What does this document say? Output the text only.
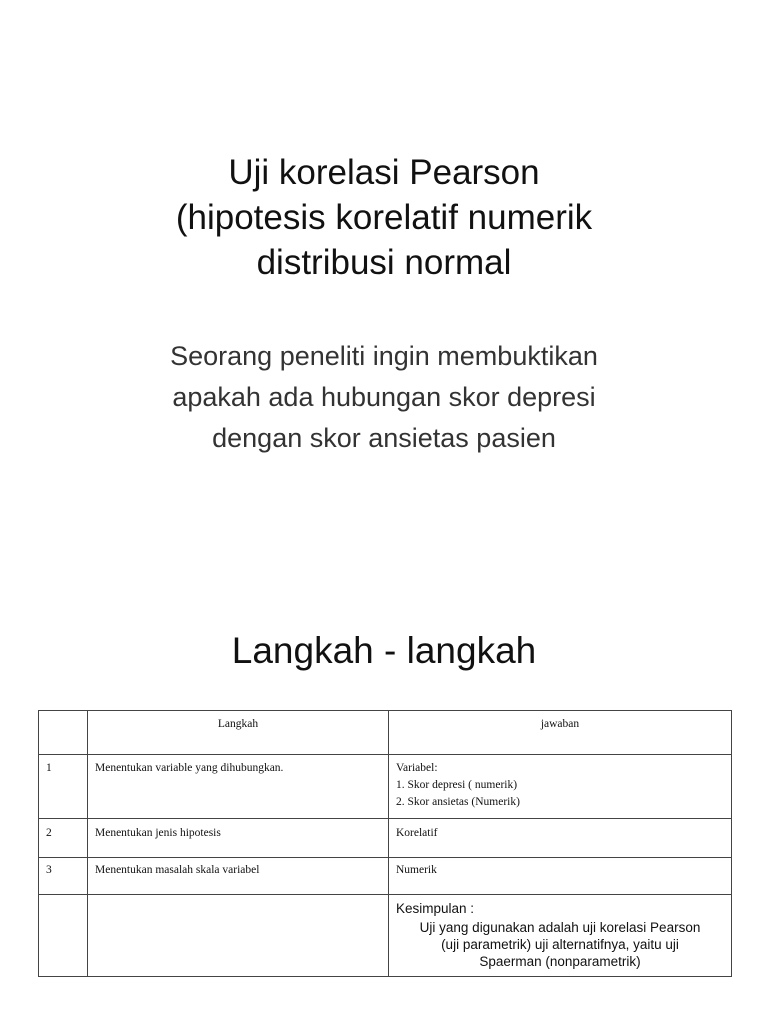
Uji korelasi Pearson
(hipotesis korelatif numerik
distribusi normal
Seorang peneliti ingin membuktikan
apakah ada hubungan skor depresi
dengan skor ansietas pasien
Langkah - langkah
	Langkah	jawaban
1	Menentukan variable yang dihubungkan.	Variabel:
1. Skor depresi ( numerik)
2. Skor ansietas (Numerik)

2	Menentukan jenis hipotesis	Korelatif

3	Menentukan masalah skala variabel	Numerik

		Kesimpulan :
Uji yang digunakan adalah uji korelasi Pearson
(uji parametrik) uji alternatifnya, yaitu uji
Spaerman (nonparametrik)
